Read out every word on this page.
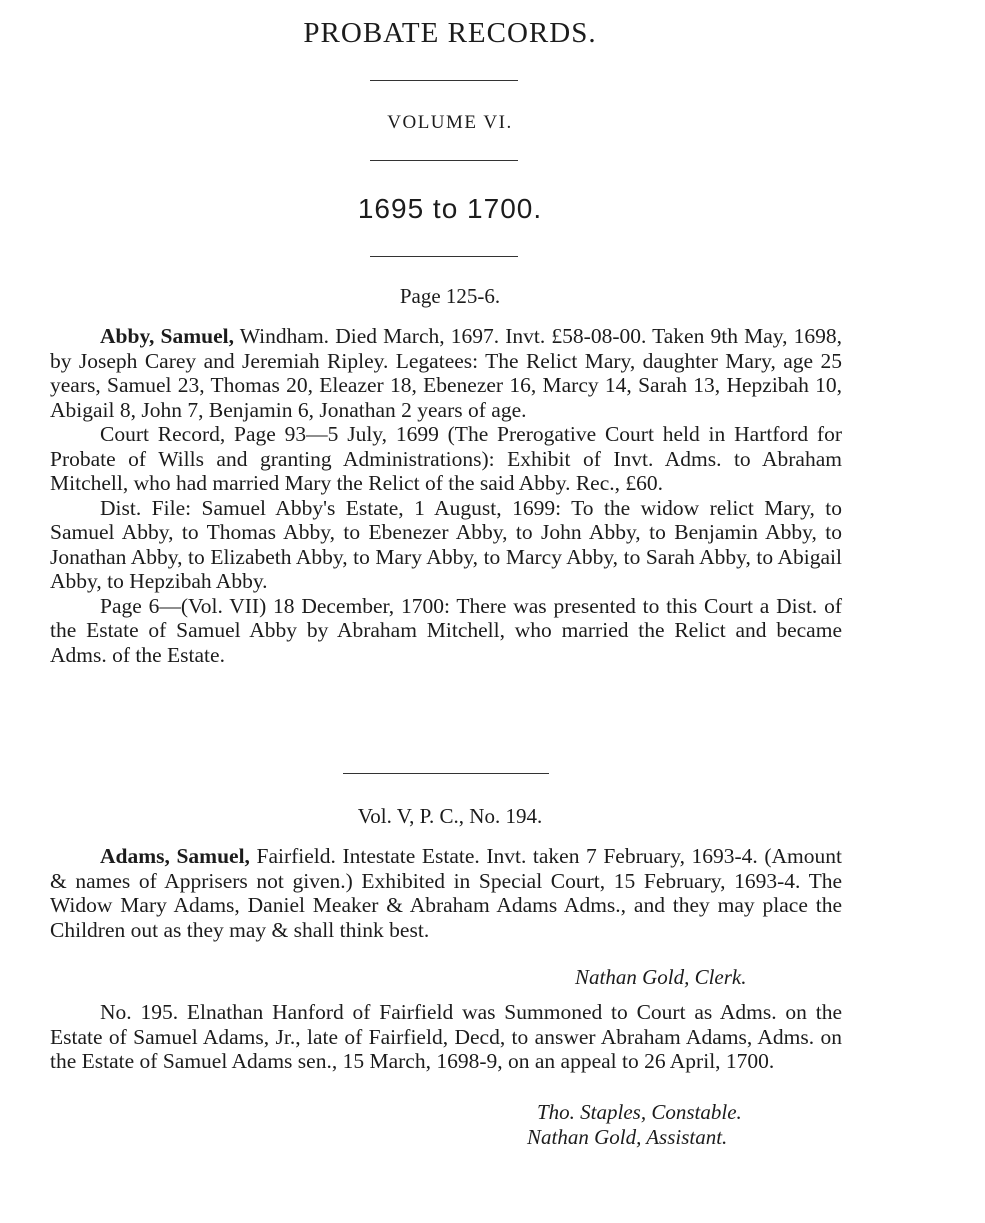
PROBATE RECORDS.
VOLUME VI.
1695 to 1700.
Page 125-6.

Abby, Samuel, Windham. Died March, 1697. Invt. £58-08-00. Taken 9th May, 1698, by Joseph Carey and Jeremiah Ripley. Legatees: The Relict Mary, daughter Mary, age 25 years, Samuel 23, Thomas 20, Eleazer 18, Ebenezer 16, Marcy 14, Sarah 13, Hepzibah 10, Abigail 8, John 7, Benjamin 6, Jonathan 2 years of age.

Court Record, Page 93—5 July, 1699 (The Prerogative Court held in Hartford for Probate of Wills and granting Administrations): Exhibit of Invt. Adms. to Abraham Mitchell, who had married Mary the Relict of the said Abby. Rec., £60.

Dist. File: Samuel Abby's Estate, 1 August, 1699: To the widow relict Mary, to Samuel Abby, to Thomas Abby, to Ebenezer Abby, to John Abby, to Benjamin Abby, to Jonathan Abby, to Elizabeth Abby, to Mary Abby, to Marcy Abby, to Sarah Abby, to Abigail Abby, to Hepzibah Abby.

Page 6—(Vol. VII) 18 December, 1700: There was presented to this Court a Dist. of the Estate of Samuel Abby by Abraham Mitchell, who married the Relict and became Adms. of the Estate.

Vol. V, P. C., No. 194.

Adams, Samuel, Fairfield. Intestate Estate. Invt. taken 7 February, 1693-4. (Amount & names of Apprisers not given.) Exhibited in Special Court, 15 February, 1693-4. The Widow Mary Adams, Daniel Meaker & Abraham Adams Adms., and they may place the Children out as they may & shall think best.

Nathan Gold, Clerk.

No. 195. Elnathan Hanford of Fairfield was Summoned to Court as Adms. on the Estate of Samuel Adams, Jr., late of Fairfield, Decd, to answer Abraham Adams, Adms. on the Estate of Samuel Adams sen., 15 March, 1698-9, on an appeal to 26 April, 1700.

Tho. Staples, Constable.
Nathan Gold, Assistant.
